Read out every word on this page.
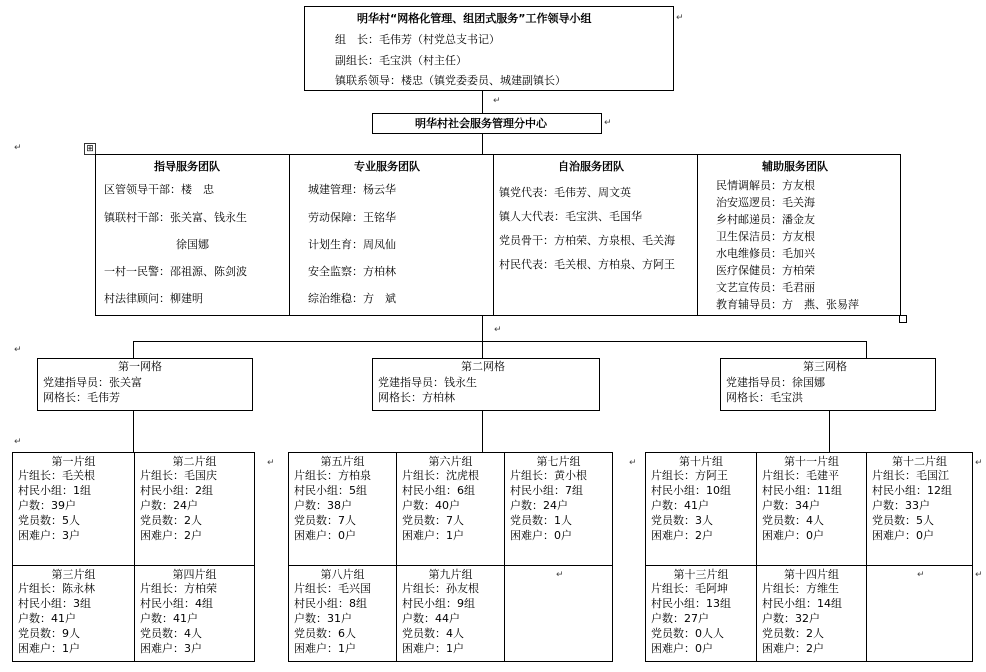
明华村“网格化管理、组团式服务”工作领导小组
组　长：毛伟芳（村党总支书记）
副组长：毛宝洪（村主任）
镇联系领导：楼忠（镇党委委员、城建副镇长）
明华村社会服务管理分中心
⊞
指导服务团队
区管领导干部：楼　忠
镇联村干部：张关富、钱永生
徐国娜
一村一民警：邵祖源、陈剑波
村法律顾问：柳建明
专业服务团队
城建管理：杨云华
劳动保障：王铭华
计划生育：周凤仙
安全监察：方柏林
综治维稳：方　斌
自治服务团队
镇党代表：毛伟芳、周文英
镇人大代表：毛宝洪、毛国华
党员骨干：方柏荣、方泉根、毛关海
村民代表：毛关根、方柏泉、方阿王
辅助服务团队
民情调解员：方友根
治安巡逻员：毛关海
乡村邮递员：潘金友
卫生保洁员：方友根
水电维修员：毛加兴
医疗保健员：方柏荣
文艺宣传员：毛君丽
教育辅导员：方　燕、张易萍
第一网格
党建指导员：张关富
网格长：毛伟芳
第二网格
党建指导员：钱永生
网格长：方柏林
第三网格
党建指导员：徐国娜
网格长：毛宝洪
第一片组
片组长：毛关根
村民小组：1组
户数：39户
党员数：5人
困难户：3户
第二片组
片组长：毛国庆
村民小组：2组
户数：24户
党员数：2人
困难户：2户
第三片组
片组长：陈永林
村民小组：3组
户数：41户
党员数：9人
困难户：1户
第四片组
片组长：方柏荣
村民小组：4组
户数：41户
党员数：4人
困难户：3户
第五片组
片组长：方柏泉
村民小组：5组
户数：38户
党员数：7人
困难户：0户
第六片组
片组长：沈虎根
村民小组：6组
户数：40户
党员数：7人
困难户：1户
第七片组
片组长：黄小根
村民小组：7组
户数：24户
党员数：1人
困难户：0户
第八片组
片组长：毛兴国
村民小组：8组
户数：31户
党员数：6人
困难户：1户
第九片组
片组长：孙友根
村民小组：9组
户数：44户
党员数：4人
困难户：1户
第十片组
片组长：方阿王
村民小组：10组
户数：41户
党员数：3人
困难户：2户
第十一片组
片组长：毛建平
村民小组：11组
户数：34户
党员数：4人
困难户：0户
第十二片组
片组长：毛国江
村民小组：12组
户数：33户
党员数：5人
困难户：0户
第十三片组
片组长：毛阿坤
村民小组：13组
户数：27户
党员数：0人人
困难户：0户
第十四片组
片组长：方维生
村民小组：14组
户数：32户
党员数：2人
困难户：2户
↵
↵
↵
↵
↵
↵
↵
↵	↵	↵
↵
↵	↵
